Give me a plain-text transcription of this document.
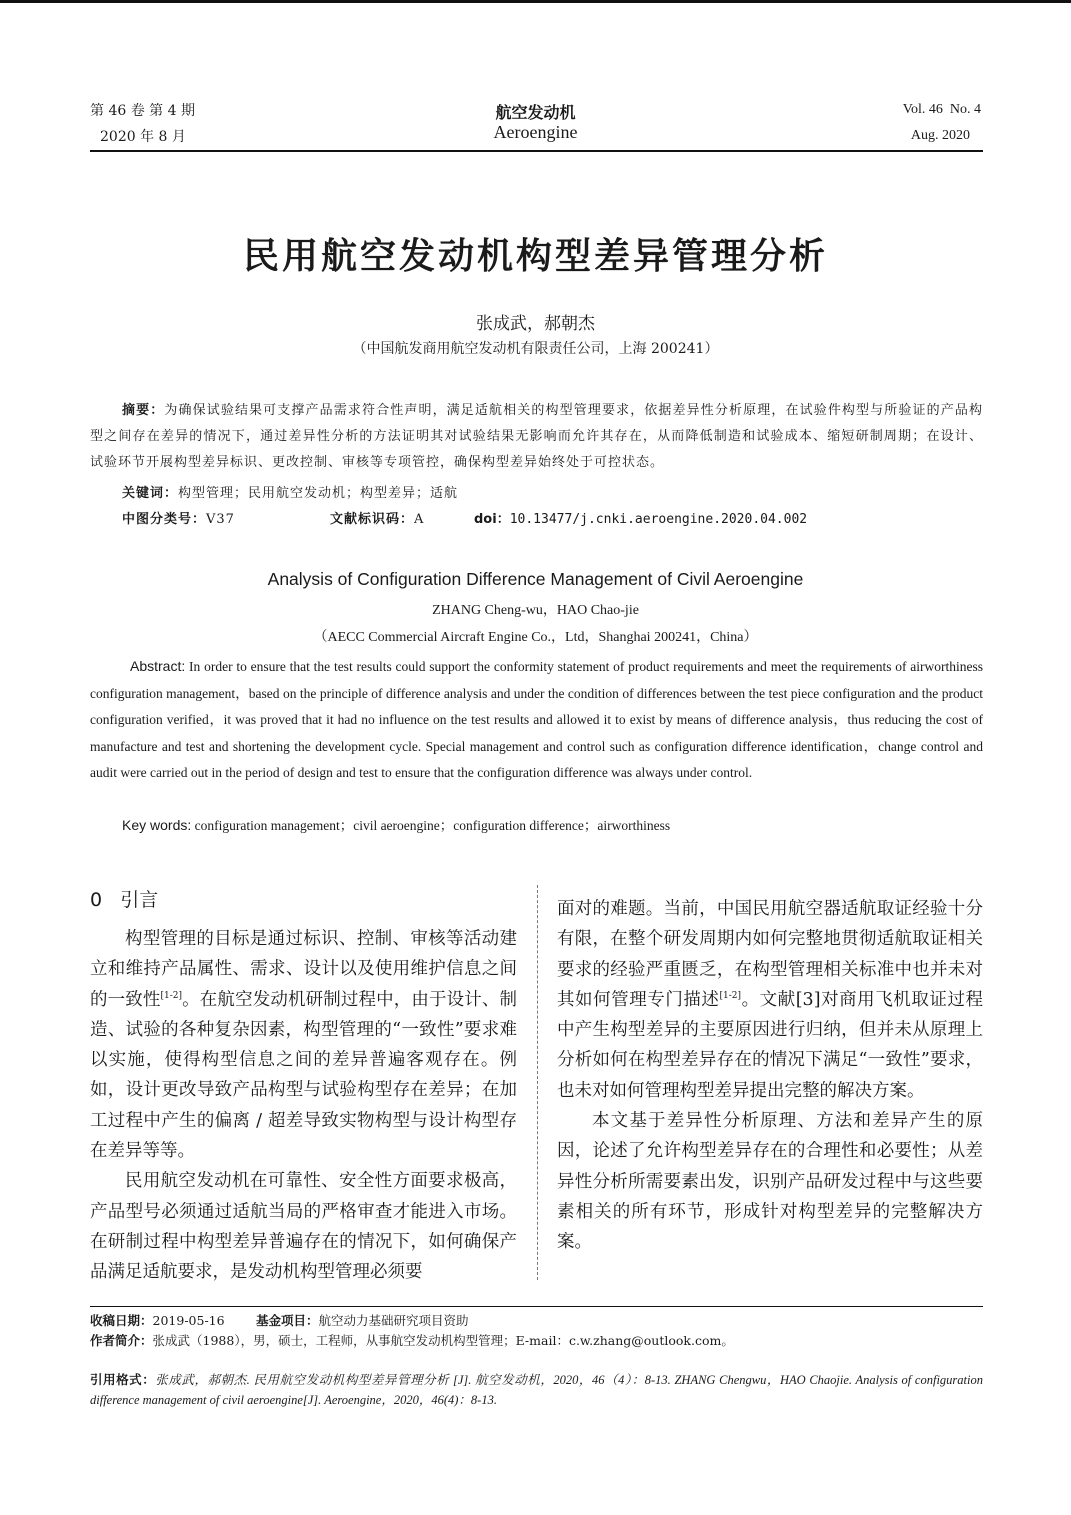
第 46 卷 第 4 期
2020 年 8 月
航空发动机
Aeroengine
Vol. 46  No. 4
Aug. 2020
民用航空发动机构型差异管理分析
张成武，郝朝杰
（中国航发商用航空发动机有限责任公司，上海 200241）
摘要：为确保试验结果可支撑产品需求符合性声明，满足适航相关的构型管理要求，依据差异性分析原理，在试验件构型与所验证的产品构型之间存在差异的情况下，通过差异性分析的方法证明其对试验结果无影响而允许其存在，从而降低制造和试验成本、缩短研制周期；在设计、试验环节开展构型差异标识、更改控制、审核等专项管控，确保构型差异始终处于可控状态。
关键词：构型管理；民用航空发动机；构型差异；适航
中图分类号：V37	文献标识码：A	doi：10.13477/j.cnki.aeroengine.2020.04.002
Analysis of Configuration Difference Management of Civil Aeroengine
ZHANG Cheng-wu，HAO Chao-jie
（AECC Commercial Aircraft Engine Co.，Ltd，Shanghai 200241，China）
Abstract: In order to ensure that the test results could support the conformity statement of product requirements and meet the requirements of airworthiness configuration management，based on the principle of difference analysis and under the condition of differences between the test piece configuration and the product configuration verified，it was proved that it had no influence on the test results and allowed it to exist by means of difference analysis，thus reducing the cost of manufacture and test and shortening the development cycle. Special management and control such as configuration difference identification，change control and audit were carried out in the period of design and test to ensure that the configuration difference was always under control.
Key words: configuration management；civil aeroengine；configuration difference；airworthiness
0 引言

构型管理的目标是通过标识、控制、审核等活动建立和维持产品属性、需求、设计以及使用维护信息之间的一致性[1-2]。在航空发动机研制过程中，由于设计、制造、试验的各种复杂因素，构型管理的“一致性”要求难以实施，使得构型信息之间的差异普遍客观存在。例如，设计更改导致产品构型与试验构型存在差异；在加工过程中产生的偏离 / 超差导致实物构型与设计构型存在差异等等。

民用航空发动机在可靠性、安全性方面要求极高，产品型号必须通过适航当局的严格审查才能进入市场。在研制过程中构型差异普遍存在的情况下，如何确保产品满足适航要求，是发动机构型管理必须要

面对的难题。当前，中国民用航空器适航取证经验十分有限，在整个研发周期内如何完整地贯彻适航取证相关要求的经验严重匮乏，在构型管理相关标准中也并未对其如何管理专门描述[1-2]。文献[3]对商用飞机取证过程中产生构型差异的主要原因进行归纳，但并未从原理上分析如何在构型差异存在的情况下满足“一致性”要求，也未对如何管理构型差异提出完整的解决方案。

本文基于差异性分析原理、方法和差异产生的原因，论述了允许构型差异存在的合理性和必要性；从差异性分析所需要素出发，识别产品研发过程中与这些要素相关的所有环节，形成针对构型差异的完整解决方案。

收稿日期：2019-05-16	基金项目：航空动力基础研究项目资助
作者简介：张成武（1988），男，硕士，工程师，从事航空发动机构型管理；E-mail：c.w.zhang@outlook.com。
引用格式：张成武，郝朝杰. 民用航空发动机构型差异管理分析 [J]. 航空发动机，2020，46（4）：8-13. ZHANG Chengwu，HAO Chaojie. Analysis of configuration difference management of civil aeroengine[J]. Aeroengine，2020，46(4)：8-13.
